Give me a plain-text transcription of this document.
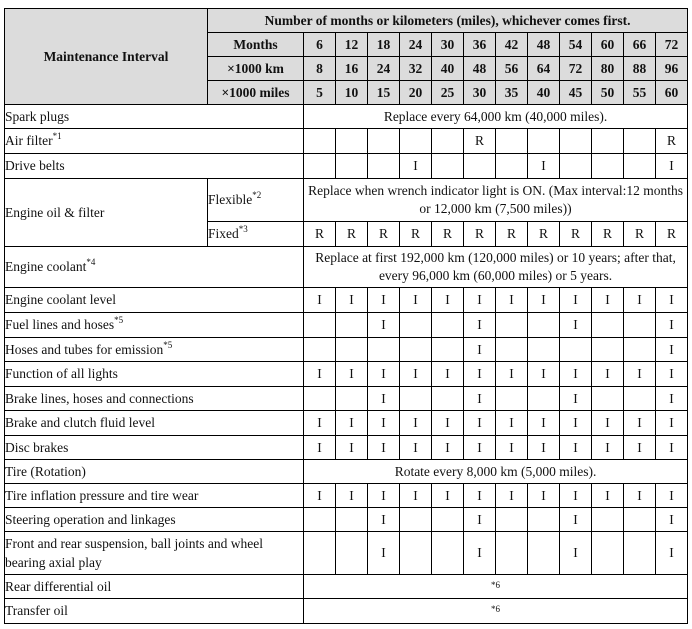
Maintenance Interval	Number of months or kilometers (miles), whichever comes first.												
	Months	6	12	18	24	30	36	42	48	54	60	66	72
	×1000 km	8	16	24	32	40	48	56	64	72	80	88	96
	×1000 miles	5	10	15	20	25	30	35	40	45	50	55	60
Spark plugs		Replace every 64,000 km (40,000 miles).											
Air filter$^{*1}$							R						R
Drive belts					I				I				I
Engine oil & filter	Flexible$^{*2}$	Replace when wrench indicator light is ON. (Max interval:12 months or 12,000 km (7,500 miles))											
	Fixed$^{*3}$	R	R	R	R	R	R	R	R	R	R	R	R
Engine coolant$^{*4}$		Replace at first 192,000 km (120,000 miles) or 10 years; after that, every 96,000 km (60,000 miles) or 5 years.											
Engine coolant level		I	I	I	I	I	I	I	I	I	I	I	I
Fuel lines and hoses$^{*5}$				I			I			I			I
Hoses and tubes for emission$^{*5}$							I						I
Function of all lights		I	I	I	I	I	I	I	I	I	I	I	I
Brake lines, hoses and connections				I			I			I			I
Brake and clutch fluid level		I	I	I	I	I	I	I	I	I	I	I	I
Disc brakes		I	I	I	I	I	I	I	I	I	I	I	I
Tire (Rotation)		Rotate every 8,000 km (5,000 miles).											
Tire inflation pressure and tire wear		I	I	I	I	I	I	I	I	I	I	I	I
Steering operation and linkages				I			I			I			I
Front and rear suspension, ball joints and wheel bearing axial play				I			I			I			I
Rear differential oil		$^{*6}$
Transfer oil		$^{*6}$
